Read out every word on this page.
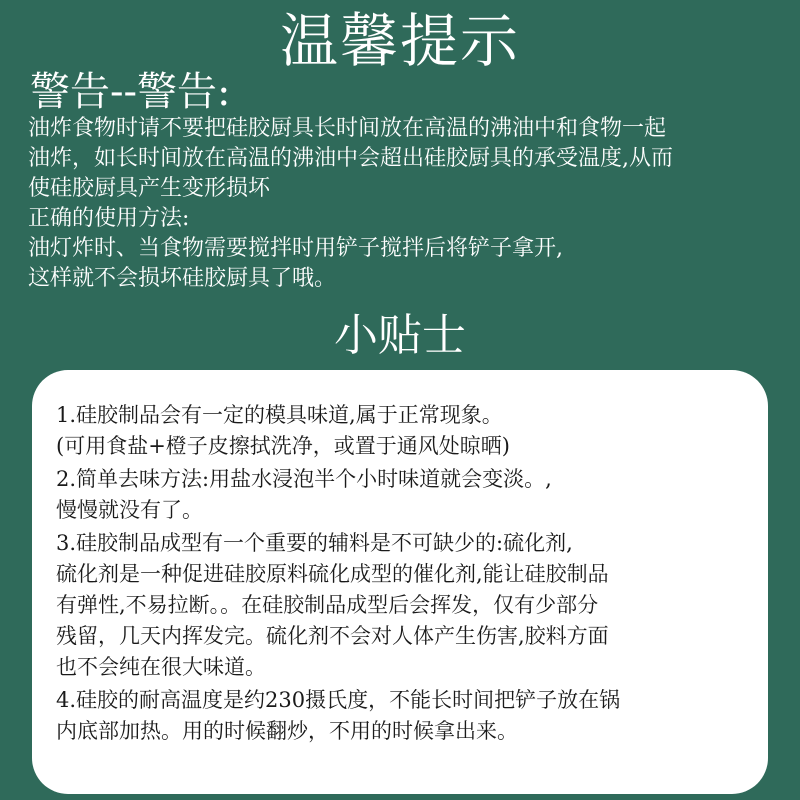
温馨提示
警告--警告:
油炸食物时请不要把硅胶厨具长时间放在高温的沸油中和食物一起
油炸，如长时间放在高温的沸油中会超出硅胶厨具的承受温度,从而
使硅胶厨具产生变形损坏
正确的使用方法:
油灯炸时、当食物需要搅拌时用铲子搅拌后将铲子拿开,
这样就不会损坏硅胶厨具了哦。
小贴士
1.硅胶制品会有一定的模具味道,属于正常现象。
(可用食盐+橙子皮擦拭洗净，或置于通风处晾晒)
2.简单去味方法:用盐水浸泡半个小时味道就会变淡。,
慢慢就没有了。
3.硅胶制品成型有一个重要的辅料是不可缺少的:硫化剂,
硫化剂是一种促进硅胶原料硫化成型的催化剂,能让硅胶制品
有弹性,不易拉断。。在硅胶制品成型后会挥发，仅有少部分
残留，几天内挥发完。硫化剂不会对人体产生伤害,胶料方面
也不会纯在很大味道。
4.硅胶的耐高温度是约230摄氏度，不能长时间把铲子放在锅
内底部加热。用的时候翻炒，不用的时候拿出来。
